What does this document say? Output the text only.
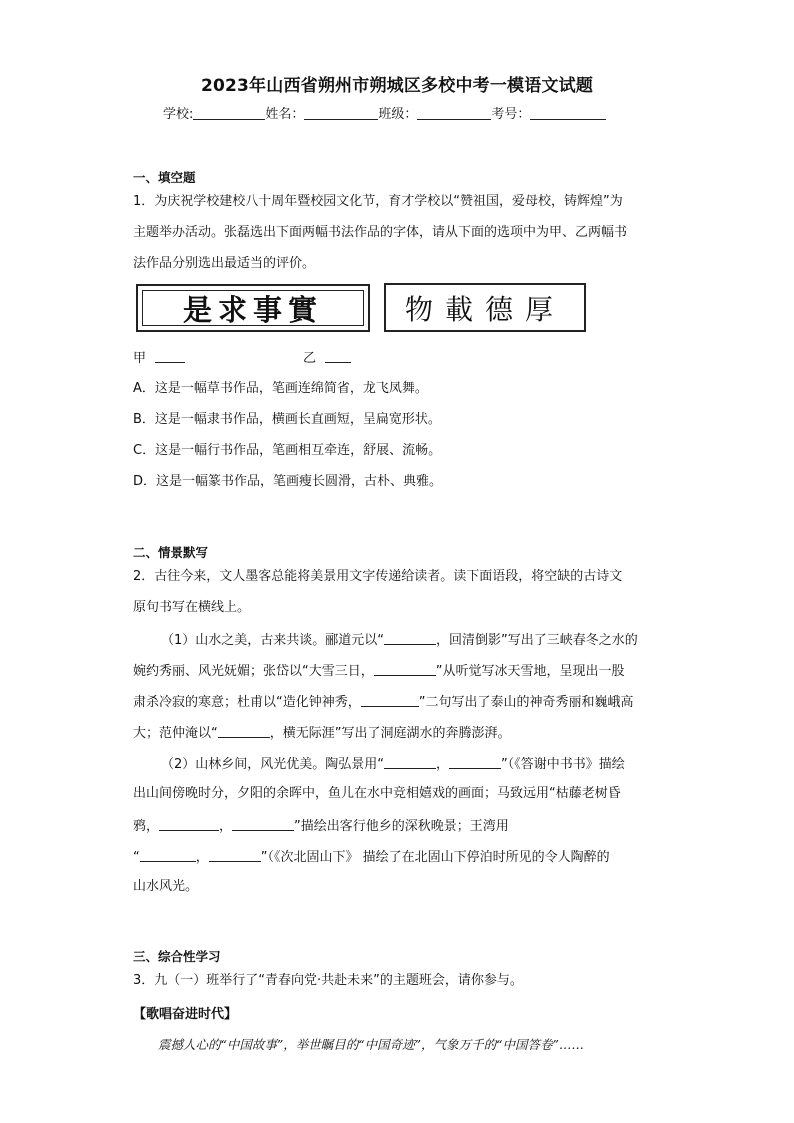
2023年山西省朔州市朔城区多校中考一模语文试题
学校:	姓名：	班级：	考号：
一、填空题
1．为庆祝学校建校八十周年暨校园文化节，育才学校以“赞祖国，爱母校，铸辉煌”为
主题举办活动。张磊选出下面两幅书法作品的字体，请从下面的选项中为甲、乙两幅书
法作品分别选出最适当的评价。
是求事實	物載德厚
甲	乙
A．这是一幅草书作品，笔画连绵简省，龙飞凤舞。
B．这是一幅隶书作品，横画长直画短，呈扁宽形状。
C．这是一幅行书作品，笔画相互牵连，舒展、流畅。
D．这是一幅篆书作品，笔画瘦长圆滑，古朴、典雅。
二、情景默写
2．古往今来，文人墨客总能将美景用文字传递给读者。读下面语段，将空缺的古诗文
原句书写在横线上。
（1）山水之美，古来共谈。郦道元以“	，回清倒影”写出了三峡春冬之水的
婉约秀丽、风光妩媚；张岱以“大雪三日，	”从听觉写冰天雪地，呈现出一股
肃杀冷寂的寒意；杜甫以“造化钟神秀，	”二句写出了泰山的神奇秀丽和巍峨高
大；范仲淹以“	，横无际涯”写出了洞庭湖水的奔腾澎湃。
（2）山林乡间，风光优美。陶弘景用“	，	”（《答谢中书书》描绘
出山间傍晚时分，夕阳的余晖中，鱼儿在水中竞相嬉戏的画面；马致远用“枯藤老树昏
鸦，	，	”描绘出客行他乡的深秋晚景；王湾用
“	，	”（《次北固山下》 描绘了在北固山下停泊时所见的令人陶醉的
山水风光。
三、综合性学习
3．九（一）班举行了“青春向党·共赴未来”的主题班会，请你参与。
【歌唱奋进时代】
震撼人心的“中国故事”，举世瞩目的“中国奇迹”，气象万千的“中国答卷”……
